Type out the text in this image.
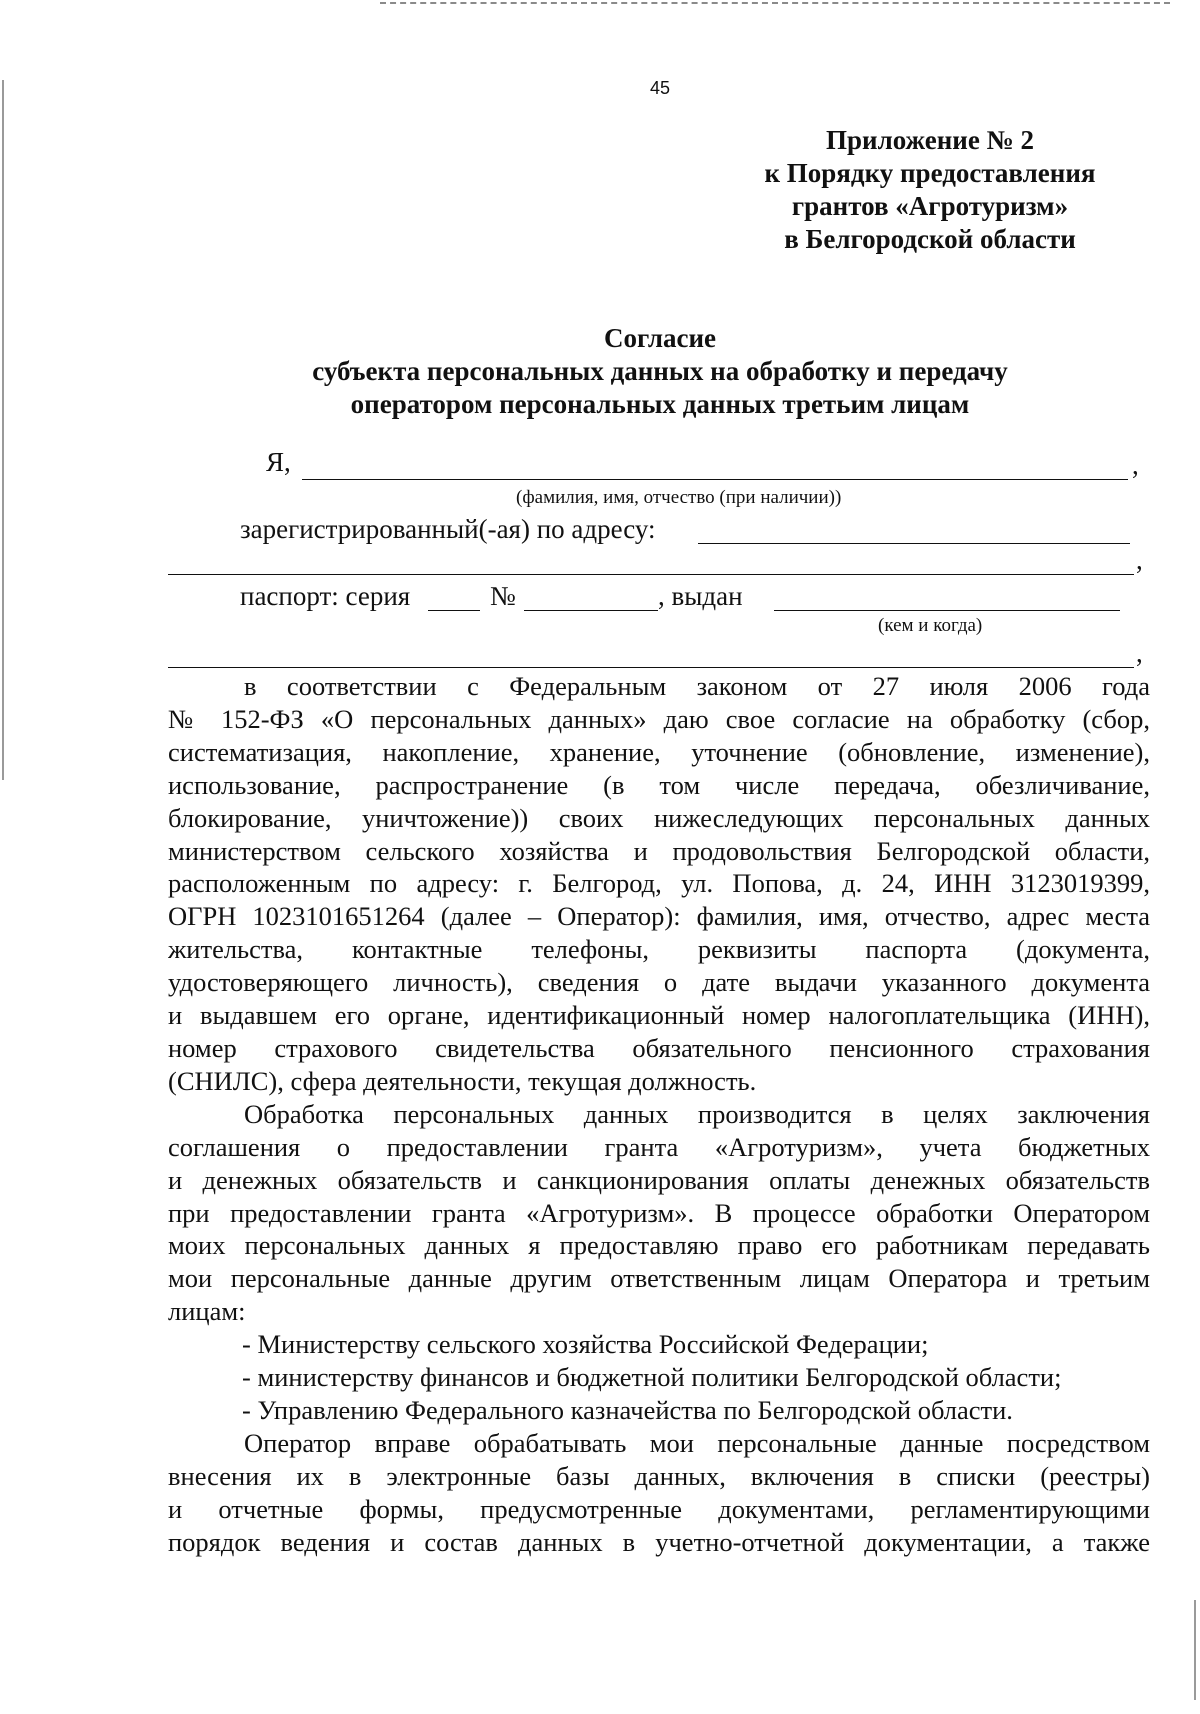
45
Приложение № 2
к Порядку предоставления
грантов «Агротуризм»
в Белгородской области
Согласие
субъекта персональных данных на обработку и передачу
оператором персональных данных третьим лицам
Я,	,
(фамилия, имя, отчество (при наличии))
зарегистрированный(-ая) по адресу:
,
паспорт: серия	№	, выдан
(кем и когда)
,
в соответствии с Федеральным законом от 27 июля 2006 года
№ 152-ФЗ «О персональных данных» даю свое согласие на обработку (сбор,
систематизация, накопление, хранение, уточнение (обновление, изменение),
использование, распространение (в том числе передача, обезличивание,
блокирование, уничтожение)) своих нижеследующих персональных данных
министерством сельского хозяйства и продовольствия Белгородской области,
расположенным по адресу: г. Белгород, ул. Попова, д. 24, ИНН 3123019399,
ОГРН 1023101651264 (далее – Оператор): фамилия, имя, отчество, адрес места
жительства, контактные телефоны, реквизиты паспорта (документа,
удостоверяющего личность), сведения о дате выдачи указанного документа
и выдавшем его органе, идентификационный номер налогоплательщика (ИНН),
номер страхового свидетельства обязательного пенсионного страхования
(СНИЛС), сфера деятельности, текущая должность.
Обработка персональных данных производится в целях заключения
соглашения о предоставлении гранта «Агротуризм», учета бюджетных
и денежных обязательств и санкционирования оплаты денежных обязательств
при предоставлении гранта «Агротуризм». В процессе обработки Оператором
моих персональных данных я предоставляю право его работникам передавать
мои персональные данные другим ответственным лицам Оператора и третьим
лицам:
- Министерству сельского хозяйства Российской Федерации;
- министерству финансов и бюджетной политики Белгородской области;
- Управлению Федерального казначейства по Белгородской области.
Оператор вправе обрабатывать мои персональные данные посредством
внесения их в электронные базы данных, включения в списки (реестры)
и отчетные формы, предусмотренные документами, регламентирующими
порядок ведения и состав данных в учетно-отчетной документации, а также
